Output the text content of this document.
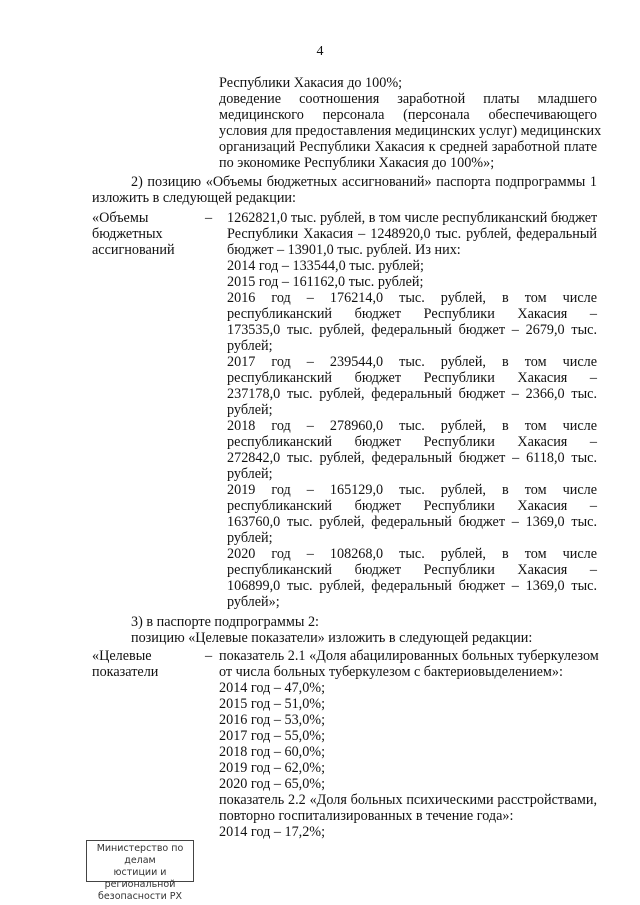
4
Республики Хакасия до 100%;
доведение соотношения заработной платы младшего
медицинского персонала (персонала обеспечивающего
условия для предоставления медицинских услуг) медицинских
организаций Республики Хакасия к средней заработной плате
по экономике Республики Хакасия до 100%»;
2) позицию «Объемы бюджетных ассигнований» паспорта подпрограммы 1
изложить в следующей редакции:
«Объемы
бюджетных
ассигнований
– 1262821,0 тыс. рублей, в том числе республиканский бюджет
Республики Хакасия – 1248920,0 тыс. рублей, федеральный
бюджет – 13901,0 тыс. рублей. Из них:
2014 год – 133544,0 тыс. рублей;
2015 год – 161162,0 тыс. рублей;
2016 год – 176214,0 тыс. рублей, в том числе
республиканский бюджет Республики Хакасия –
173535,0 тыс. рублей, федеральный бюджет – 2679,0 тыс.
рублей;
2017 год – 239544,0 тыс. рублей, в том числе
республиканский бюджет Республики Хакасия –
237178,0 тыс. рублей, федеральный бюджет – 2366,0 тыс.
рублей;
2018 год – 278960,0 тыс. рублей, в том числе
республиканский бюджет Республики Хакасия –
272842,0 тыс. рублей, федеральный бюджет – 6118,0 тыс.
рублей;
2019 год – 165129,0 тыс. рублей, в том числе
республиканский бюджет Республики Хакасия –
163760,0 тыс. рублей, федеральный бюджет – 1369,0 тыс.
рублей;
2020 год – 108268,0 тыс. рублей, в том числе
республиканский бюджет Республики Хакасия –
106899,0 тыс. рублей, федеральный бюджет – 1369,0 тыс.
рублей»;
3) в паспорте подпрограммы 2:
позицию «Целевые показатели» изложить в следующей редакции:
«Целевые
показатели
– показатель 2.1 «Доля абацилированных больных туберкулезом
от числа больных туберкулезом с бактериовыделением»:
2014 год – 47,0%;
2015 год – 51,0%;
2016 год – 53,0%;
2017 год – 55,0%;
2018 год – 60,0%;
2019 год – 62,0%;
2020 год – 65,0%;
показатель 2.2 «Доля больных психическими расстройствами,
повторно госпитализированных в течение года»:
2014 год – 17,2%;
Министерство по делам
юстиции и региональной
безопасности РХ
